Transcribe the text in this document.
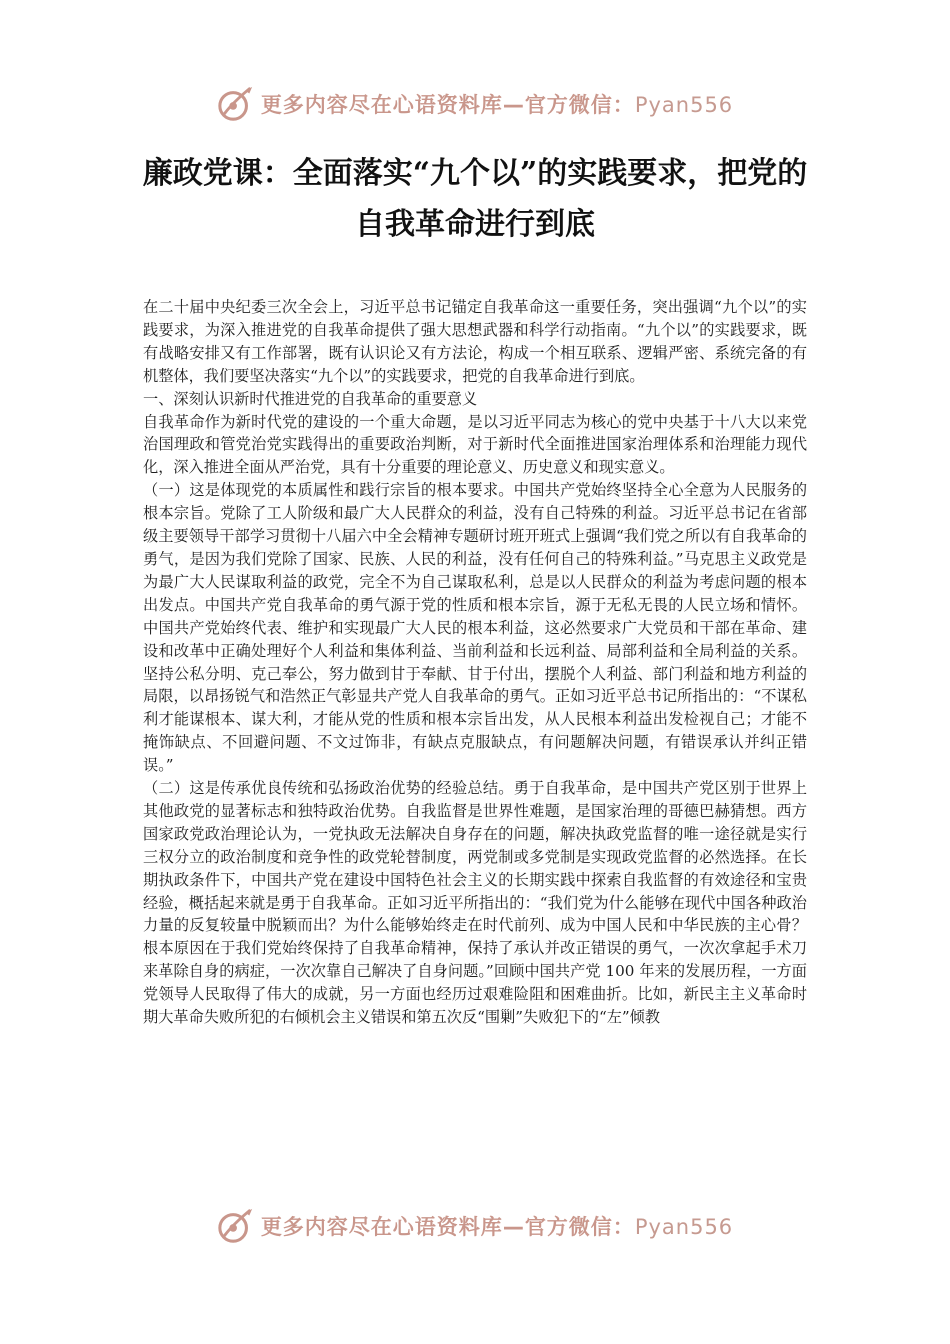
更多内容尽在心语资料库—官方微信：Pyan556
廉政党课：全面落实“九个以”的实践要求，把党的
自我革命进行到底

在二十届中央纪委三次全会上，习近平总书记锚定自我革命这一重要任务，突出强调“九个以”的实践要求，为深入推进党的自我革命提供了强大思想武器和科学行动指南。“九个以”的实践要求，既有战略安排又有工作部署，既有认识论又有方法论，构成一个相互联系、逻辑严密、系统完备的有机整体，我们要坚决落实“九个以”的实践要求，把党的自我革命进行到底。

一、深刻认识新时代推进党的自我革命的重要意义

自我革命作为新时代党的建设的一个重大命题，是以习近平同志为核心的党中央基于十八大以来党治国理政和管党治党实践得出的重要政治判断，对于新时代全面推进国家治理体系和治理能力现代化，深入推进全面从严治党，具有十分重要的理论意义、历史意义和现实意义。

（一）这是体现党的本质属性和践行宗旨的根本要求。中国共产党始终坚持全心全意为人民服务的根本宗旨。党除了工人阶级和最广大人民群众的利益，没有自己特殊的利益。习近平总书记在省部级主要领导干部学习贯彻十八届六中全会精神专题研讨班开班式上强调“我们党之所以有自我革命的勇气，是因为我们党除了国家、民族、人民的利益，没有任何自己的特殊利益。”马克思主义政党是为最广大人民谋取利益的政党，完全不为自己谋取私利，总是以人民群众的利益为考虑问题的根本出发点。中国共产党自我革命的勇气源于党的性质和根本宗旨，源于无私无畏的人民立场和情怀。中国共产党始终代表、维护和实现最广大人民的根本利益，这必然要求广大党员和干部在革命、建设和改革中正确处理好个人利益和集体利益、当前利益和长远利益、局部利益和全局利益的关系。坚持公私分明、克己奉公，努力做到甘于奉献、甘于付出，摆脱个人利益、部门利益和地方利益的局限，以昂扬锐气和浩然正气彰显共产党人自我革命的勇气。正如习近平总书记所指出的：“不谋私利才能谋根本、谋大利，才能从党的性质和根本宗旨出发，从人民根本利益出发检视自己；才能不掩饰缺点、不回避问题、不文过饰非，有缺点克服缺点，有问题解决问题，有错误承认并纠正错误。”

（二）这是传承优良传统和弘扬政治优势的经验总结。勇于自我革命，是中国共产党区别于世界上其他政党的显著标志和独特政治优势。自我监督是世界性难题，是国家治理的哥德巴赫猜想。西方国家政党政治理论认为，一党执政无法解决自身存在的问题，解决执政党监督的唯一途径就是实行三权分立的政治制度和竞争性的政党轮替制度，两党制或多党制是实现政党监督的必然选择。在长期执政条件下，中国共产党在建设中国特色社会主义的长期实践中探索自我监督的有效途径和宝贵经验，概括起来就是勇于自我革命。正如习近平所指出的：“我们党为什么能够在现代中国各种政治力量的反复较量中脱颖而出？为什么能够始终走在时代前列、成为中国人民和中华民族的主心骨？根本原因在于我们党始终保持了自我革命精神，保持了承认并改正错误的勇气，一次次拿起手术刀来革除自身的病症，一次次靠自己解决了自身问题。”回顾中国共产党 100 年来的发展历程，一方面党领导人民取得了伟大的成就，另一方面也经历过艰难险阻和困难曲折。比如，新民主主义革命时期大革命失败所犯的右倾机会主义错误和第五次反“围剿”失败犯下的“左”倾教

更多内容尽在心语资料库—官方微信：Pyan556
